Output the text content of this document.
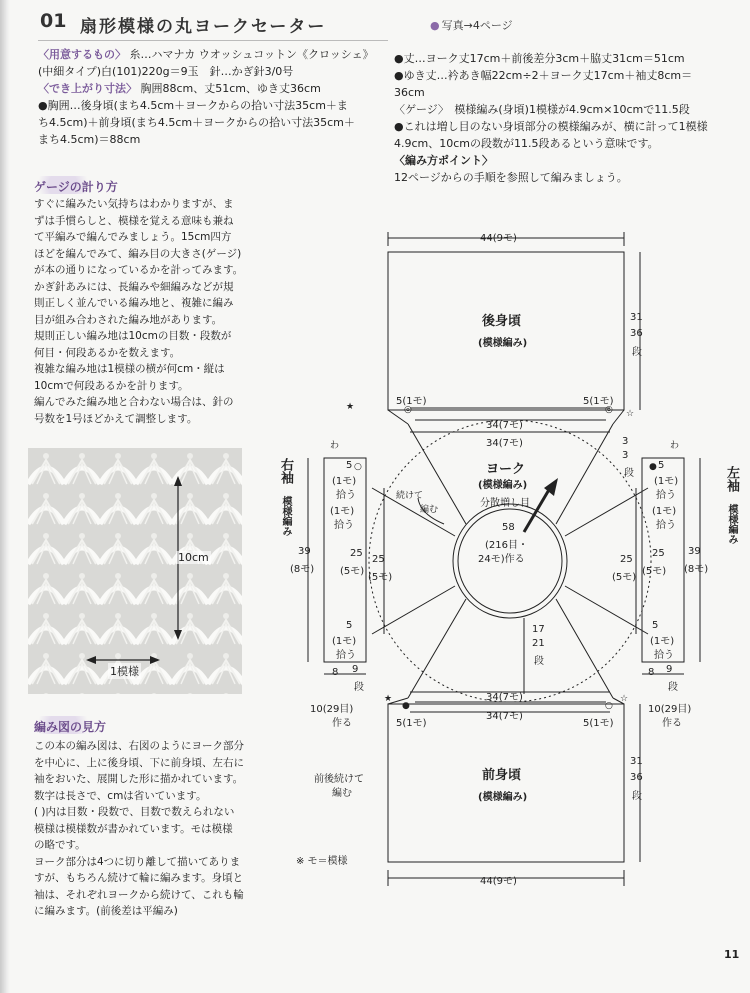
01 扇形模様の丸ヨークセーター
●	写真→4ページ

〈用意するもの〉 糸…ハマナカ ウオッシュコットン《クロッシェ》

(中細タイプ)白(101)220g＝9玉　針…かぎ針3/0号

〈でき上がり寸法〉 胸囲88cm、丈51cm、ゆき丈36cm

●胸囲…後身頃(まち4.5cm＋ヨークからの拾い寸法35cm＋ま

ち4.5cm)＋前身頃(まち4.5cm＋ヨークからの拾い寸法35cm＋

まち4.5cm)＝88cm

●丈…ヨーク丈17cm＋前後差分3cm＋脇丈31cm＝51cm

●ゆき丈…衿あき幅22cm÷2＋ヨーク丈17cm＋袖丈8cm＝

36cm

〈ゲージ〉　模様編み(身頃)1模様が4.9cm×10cmで11.5段

●これは増し目のない身頃部分の模様編みが、横に計って1模様

4.9cm、10cmの段数が11.5段あるという意味です。

〈編み方ポイント〉

12ページからの手順を参照して編みましょう。

ゲージの計り方

すぐに編みたい気持ちはわかりますが、ま

ずは手慣らしと、模様を覚える意味も兼ね

て平編みで編んでみましょう。15cm四方

ほどを編んでみて、編み目の大きさ(ゲージ)

が本の通りになっているかを計ってみます。

かぎ針あみには、長編みや細編みなどが規

則正しく並んでいる編み地と、複雑に編み

目が組み合わされた編み地があります。

規則正しい編み地は10cmの目数・段数が

何目・何段あるかを数えます。

複雑な編み地は1模様の横が何cm・縦は

10cmで何段あるかを計ります。

編んでみた編み地と合わない場合は、針の

号数を1号ほどかえて調整します。

10cm
1模様
編み図の見方

この本の編み図は、右図のようにヨーク部分

を中心に、上に後身頃、下に前身頃、左右に

袖をおいた、展開した形に描かれています。

数字は長さで、cmは省いています。

( )内は目数・段数で、目数で数えられない

模様は模様数が書かれています。モは模様

の略です。

ヨーク部分は4つに切り離して描いてありま

すが、もちろん続けて輪に編みます。身頃と

袖は、それぞれヨークから続けて、これも輪

に編みます。(前後差は平編み)

★	◎	◎ ☆
★	☆
●	○
●
○
44(9モ)
後身頃
(模様編み)
31
36
段
5(1モ)	5(1モ)
34(7モ)
34(7モ)	3
3
段
ヨーク
(模様編み)
分散増し目
続けて
編む
58
(216目・
24モ)作る
25
(5モ)
25
(5モ)
25
(5モ)
25
(5モ)
17
21
段
右袖
模様編み
わ
5
(1モ)
拾う
(1モ)
拾う
39
(8モ)
5
(1モ)
拾う
8 9
段
左袖
模様編み
わ
5
(1モ)
拾う
(1モ)
拾う
39
(8モ)
5
(1モ)
拾う
8 9
段
34(7モ)
34(7モ)
10(29目)
作る
10(29目)
作る
5(1モ)	5(1モ)
前後続けて
編む
前身頃
(模様編み)
31
36
段
※ モ＝模様
44(9モ)
11
